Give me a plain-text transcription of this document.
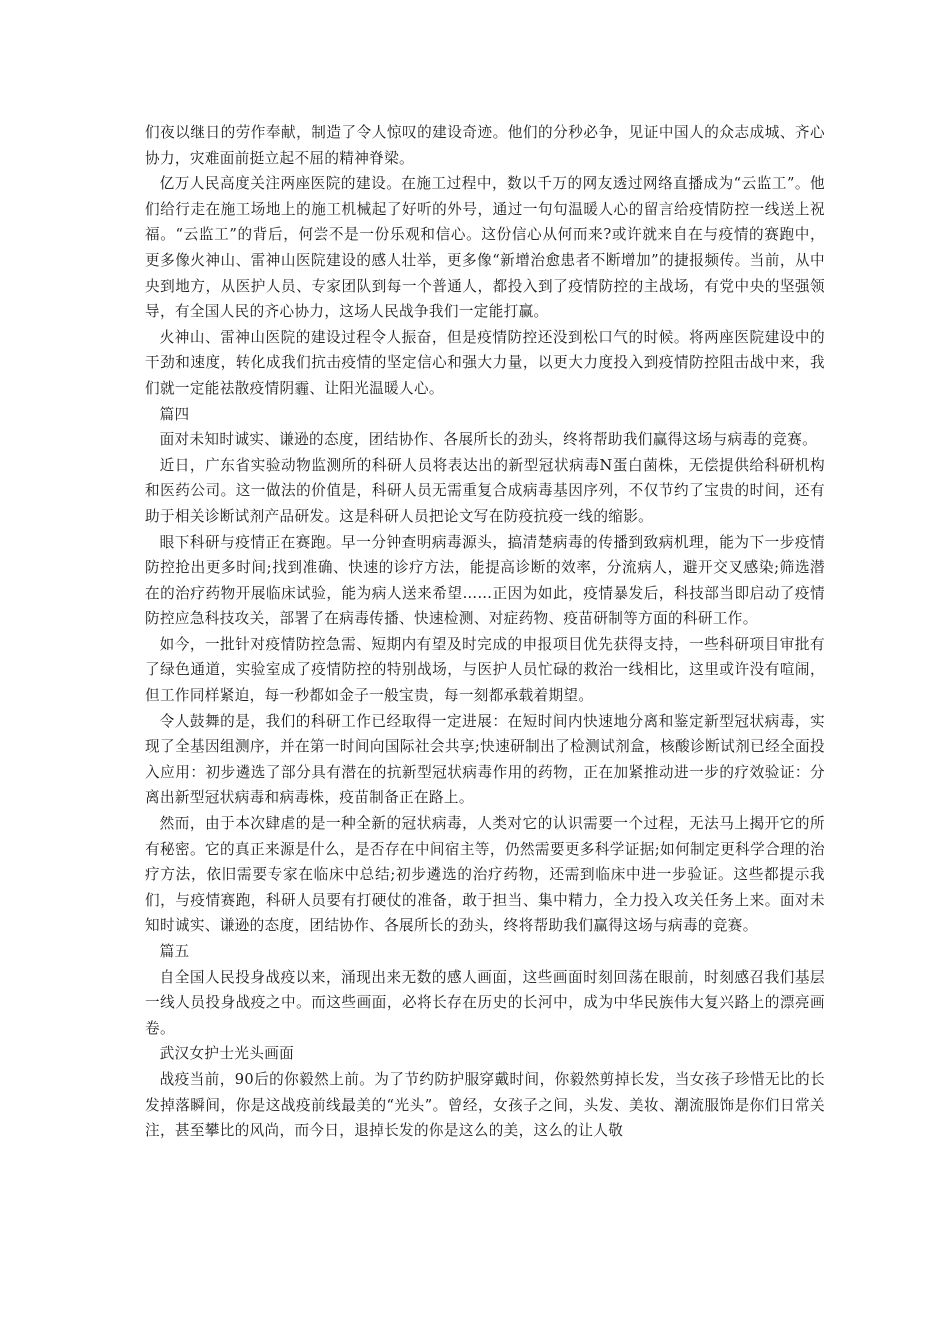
们夜以继日的劳作奉献，制造了令人惊叹的建设奇迹。他们的分秒必争，见证中国人的众志成城、齐心协力，灾难面前挺立起不屈的精神脊梁。

亿万人民高度关注两座医院的建设。在施工过程中，数以千万的网友透过网络直播成为“云监工”。他们给行走在施工场地上的施工机械起了好听的外号，通过一句句温暖人心的留言给疫情防控一线送上祝福。“云监工”的背后，何尝不是一份乐观和信心。这份信心从何而来?或许就来自在与疫情的赛跑中，更多像火神山、雷神山医院建设的感人壮举，更多像“新增治愈患者不断增加”的捷报频传。当前，从中央到地方，从医护人员、专家团队到每一个普通人，都投入到了疫情防控的主战场，有党中央的坚强领导，有全国人民的齐心协力，这场人民战争我们一定能打赢。

火神山、雷神山医院的建设过程令人振奋，但是疫情防控还没到松口气的时候。将两座医院建设中的干劲和速度，转化成我们抗击疫情的坚定信心和强大力量，以更大力度投入到疫情防控阻击战中来，我们就一定能祛散疫情阴霾、让阳光温暖人心。

篇四

面对未知时诚实、谦逊的态度，团结协作、各展所长的劲头，终将帮助我们赢得这场与病毒的竞赛。

近日，广东省实验动物监测所的科研人员将表达出的新型冠状病毒N蛋白菌株，无偿提供给科研机构和医药公司。这一做法的价值是，科研人员无需重复合成病毒基因序列，不仅节约了宝贵的时间，还有助于相关诊断试剂产品研发。这是科研人员把论文写在防疫抗疫一线的缩影。

眼下科研与疫情正在赛跑。早一分钟查明病毒源头，搞清楚病毒的传播到致病机理，能为下一步疫情防控抢出更多时间;找到准确、快速的诊疗方法，能提高诊断的效率，分流病人，避开交叉感染;筛选潜在的治疗药物开展临床试验，能为病人送来希望……正因为如此，疫情暴发后，科技部当即启动了疫情防控应急科技攻关，部署了在病毒传播、快速检测、对症药物、疫苗研制等方面的科研工作。

如今，一批针对疫情防控急需、短期内有望及时完成的申报项目优先获得支持，一些科研项目审批有了绿色通道，实验室成了疫情防控的特别战场，与医护人员忙碌的救治一线相比，这里或许没有喧闹，但工作同样紧迫，每一秒都如金子一般宝贵，每一刻都承载着期望。

令人鼓舞的是，我们的科研工作已经取得一定进展：在短时间内快速地分离和鉴定新型冠状病毒，实现了全基因组测序，并在第一时间向国际社会共享;快速研制出了检测试剂盒，核酸诊断试剂已经全面投入应用：初步遴选了部分具有潜在的抗新型冠状病毒作用的药物，正在加紧推动进一步的疗效验证：分离出新型冠状病毒和病毒株，疫苗制备正在路上。

然而，由于本次肆虐的是一种全新的冠状病毒，人类对它的认识需要一个过程，无法马上揭开它的所有秘密。它的真正来源是什么，是否存在中间宿主等，仍然需要更多科学证据;如何制定更科学合理的治疗方法，依旧需要专家在临床中总结;初步遴选的治疗药物，还需到临床中进一步验证。这些都提示我们，与疫情赛跑，科研人员要有打硬仗的准备，敢于担当、集中精力，全力投入攻关任务上来。面对未知时诚实、谦逊的态度，团结协作、各展所长的劲头，终将帮助我们赢得这场与病毒的竞赛。

篇五

自全国人民投身战疫以来，涌现出来无数的感人画面，这些画面时刻回荡在眼前，时刻感召我们基层一线人员投身战疫之中。而这些画面，必将长存在历史的长河中，成为中华民族伟大复兴路上的漂亮画卷。

武汉女护士光头画面

战疫当前，90后的你毅然上前。为了节约防护服穿戴时间，你毅然剪掉长发，当女孩子珍惜无比的长发掉落瞬间，你是这战疫前线最美的“光头”。曾经，女孩子之间，头发、美妆、潮流服饰是你们日常关注，甚至攀比的风尚，而今日，退掉长发的你是这么的美，这么的让人敬
